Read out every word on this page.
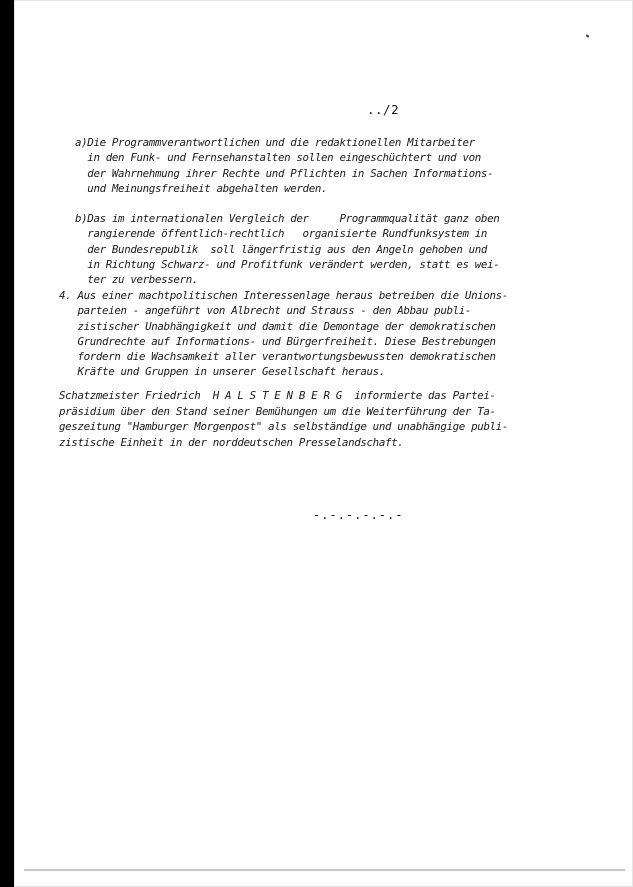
../2

a)Die Programmverantwortlichen und die redaktionellen Mitarbeiter
in den Funk- und Fernsehanstalten sollen eingeschüchtert und von
der Wahrnehmung ihrer Rechte und Pflichten in Sachen Informations-
und Meinungsfreiheit abgehalten werden.

b)Das im internationalen Vergleich der     Programmqualität ganz oben
rangierende öffentlich-rechtlich   organisierte Rundfunksystem in
der Bundesrepublik  soll längerfristig aus den Angeln gehoben und
in Richtung Schwarz- und Profitfunk verändert werden, statt es wei-
ter zu verbessern.

4. Aus einer machtpolitischen Interessenlage heraus betreiben die Unions-
parteien - angeführt von Albrecht und Strauss - den Abbau publi-
zistischer Unabhängigkeit und damit die Demontage der demokratischen
Grundrechte auf Informations- und Bürgerfreiheit. Diese Bestrebungen
fordern die Wachsamkeit aller verantwortungsbewussten demokratischen
Kräfte und Gruppen in unserer Gesellschaft heraus.

Schatzmeister Friedrich  H A L S T E N B E R G  informierte das Partei-
präsidium über den Stand seiner Bemühungen um die Weiterführung der Ta-
geszeitung "Hamburger Morgenpost" als selbständige und unabhängige publi-
zistische Einheit in der norddeutschen Presselandschaft.

-.-.-.-.-.-
